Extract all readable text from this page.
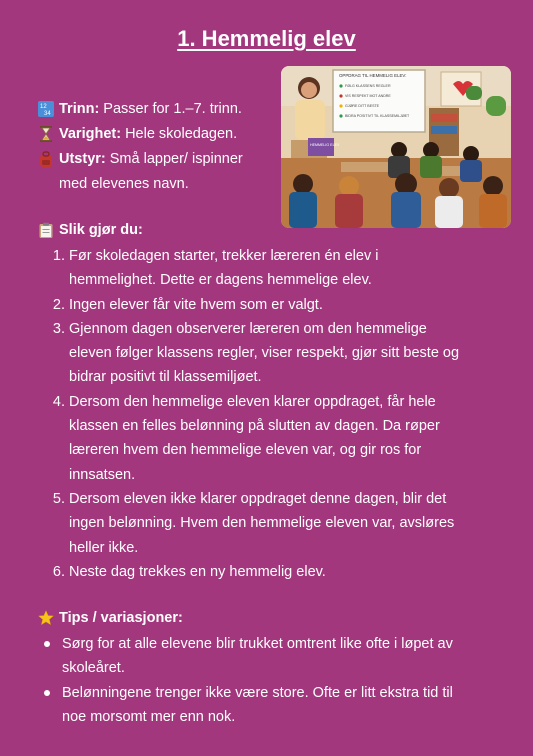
1. Hemmelig elev
OPPDRAG TIL HEMMELIG ELEV:
FØLG KLASSENS REGLER
VIS RESPEKT MOT ANDRE
GJØRE DITT BESTE
BIDRA POSITIVT TIL KLASSEMILJØET
HEMMELIG ELEV
12
34 Trinn: Passer for 1.–7. trinn.
Varighet: Hele skoledagen.
Utstyr: Små lapper/ ispinner
med elevenes navn.
Slik gjør du:
1. Før skoledagen starter, trekker læreren én elev i
hemmelighet. Dette er dagens hemmelige elev.
2. Ingen elever får vite hvem som er valgt.
3. Gjennom dagen observerer læreren om den hemmelige
eleven følger klassens regler, viser respekt, gjør sitt beste og
bidrar positivt til klassemiljøet.
4. Dersom den hemmelige eleven klarer oppdraget, får hele
klassen en felles belønning på slutten av dagen. Da røper
læreren hvem den hemmelige eleven var, og gir ros for
innsatsen.
5. Dersom eleven ikke klarer oppdraget denne dagen, blir det
ingen belønning. Hvem den hemmelige eleven var, avsløres
heller ikke.
6. Neste dag trekkes en ny hemmelig elev.
Tips / variasjoner:
Sørg for at alle elevene blir trukket omtrent like ofte i løpet av
skoleåret.
Belønningene trenger ikke være store. Ofte er litt ekstra tid til
noe morsomt mer enn nok.
